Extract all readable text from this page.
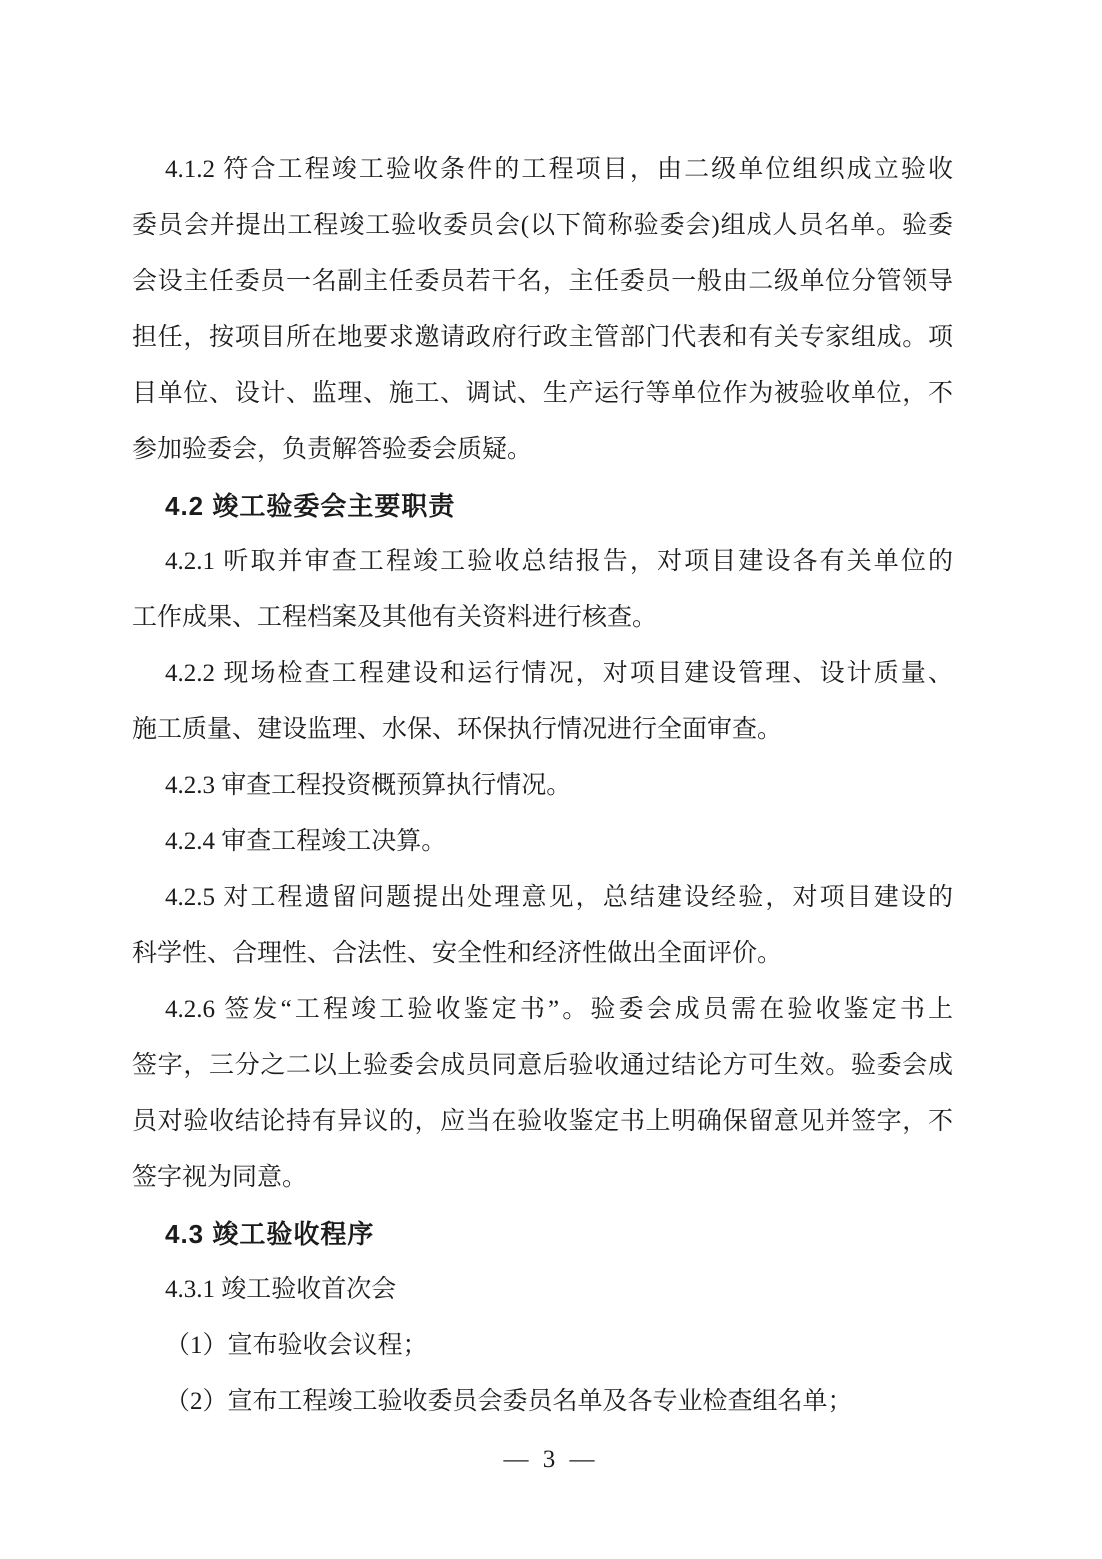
4.1.2 符合工程竣工验收条件的工程项目，由二级单位组织成立验收
委员会并提出工程竣工验收委员会(以下简称验委会)组成人员名单。验委
会设主任委员一名副主任委员若干名，主任委员一般由二级单位分管领导
担任，按项目所在地要求邀请政府行政主管部门代表和有关专家组成。项
目单位、设计、监理、施工、调试、生产运行等单位作为被验收单位，不
参加验委会，负责解答验委会质疑。
4.2 竣工验委会主要职责
4.2.1 听取并审查工程竣工验收总结报告，对项目建设各有关单位的
工作成果、工程档案及其他有关资料进行核查。
4.2.2 现场检查工程建设和运行情况，对项目建设管理、设计质量、
施工质量、建设监理、水保、环保执行情况进行全面审查。
4.2.3 审查工程投资概预算执行情况。
4.2.4 审查工程竣工决算。
4.2.5 对工程遗留问题提出处理意见，总结建设经验，对项目建设的
科学性、合理性、合法性、安全性和经济性做出全面评价。
4.2.6 签发“工程竣工验收鉴定书”。验委会成员需在验收鉴定书上
签字，三分之二以上验委会成员同意后验收通过结论方可生效。验委会成
员对验收结论持有异议的，应当在验收鉴定书上明确保留意见并签字，不
签字视为同意。
4.3 竣工验收程序
4.3.1 竣工验收首次会
（1）宣布验收会议程；
（2）宣布工程竣工验收委员会委员名单及各专业检查组名单；
— 3 —
